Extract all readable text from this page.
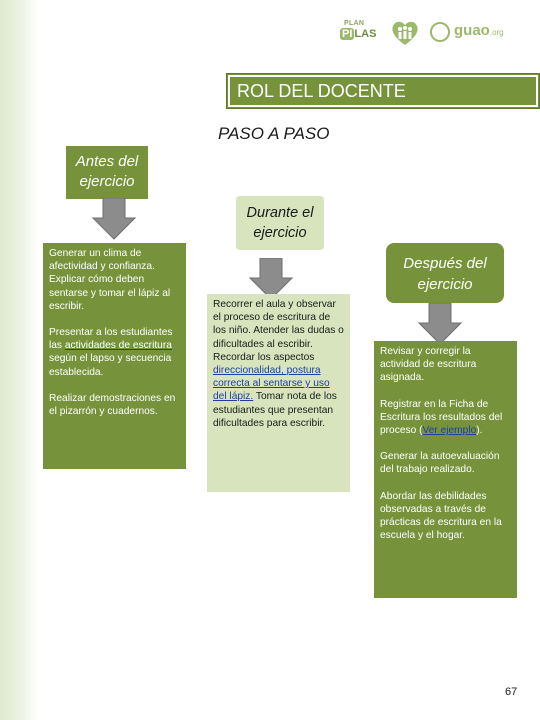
PLAN
PI LAS	guao.org
ROL DEL DOCENTE
PASO A PASO
Antes del ejercicio
Durante el ejercicio
Después del ejercicio

Generar un clima de afectividad y confianza. Explicar cómo deben sentarse y tomar el lápiz al escribir.

Presentar a los estudiantes las actividades de escritura según el lapso y secuencia establecida.

Realizar demostraciones en el pizarrón y cuadernos.

Recorrer el aula y observar el proceso de escritura de los niño. Atender las dudas o dificultades al escribir. Recordar los aspectos direccionalidad, postura correcta al sentarse y uso del lápiz. Tomar nota de los estudiantes que presentan dificultades para escribir.

Revisar y corregir la actividad de escritura asignada.

Registrar en la Ficha de Escritura los resultados del proceso (Ver ejemplo).

Generar la autoevaluación del trabajo realizado.

Abordar las debilidades observadas a través de prácticas de escritura en la escuela y el hogar.

67
